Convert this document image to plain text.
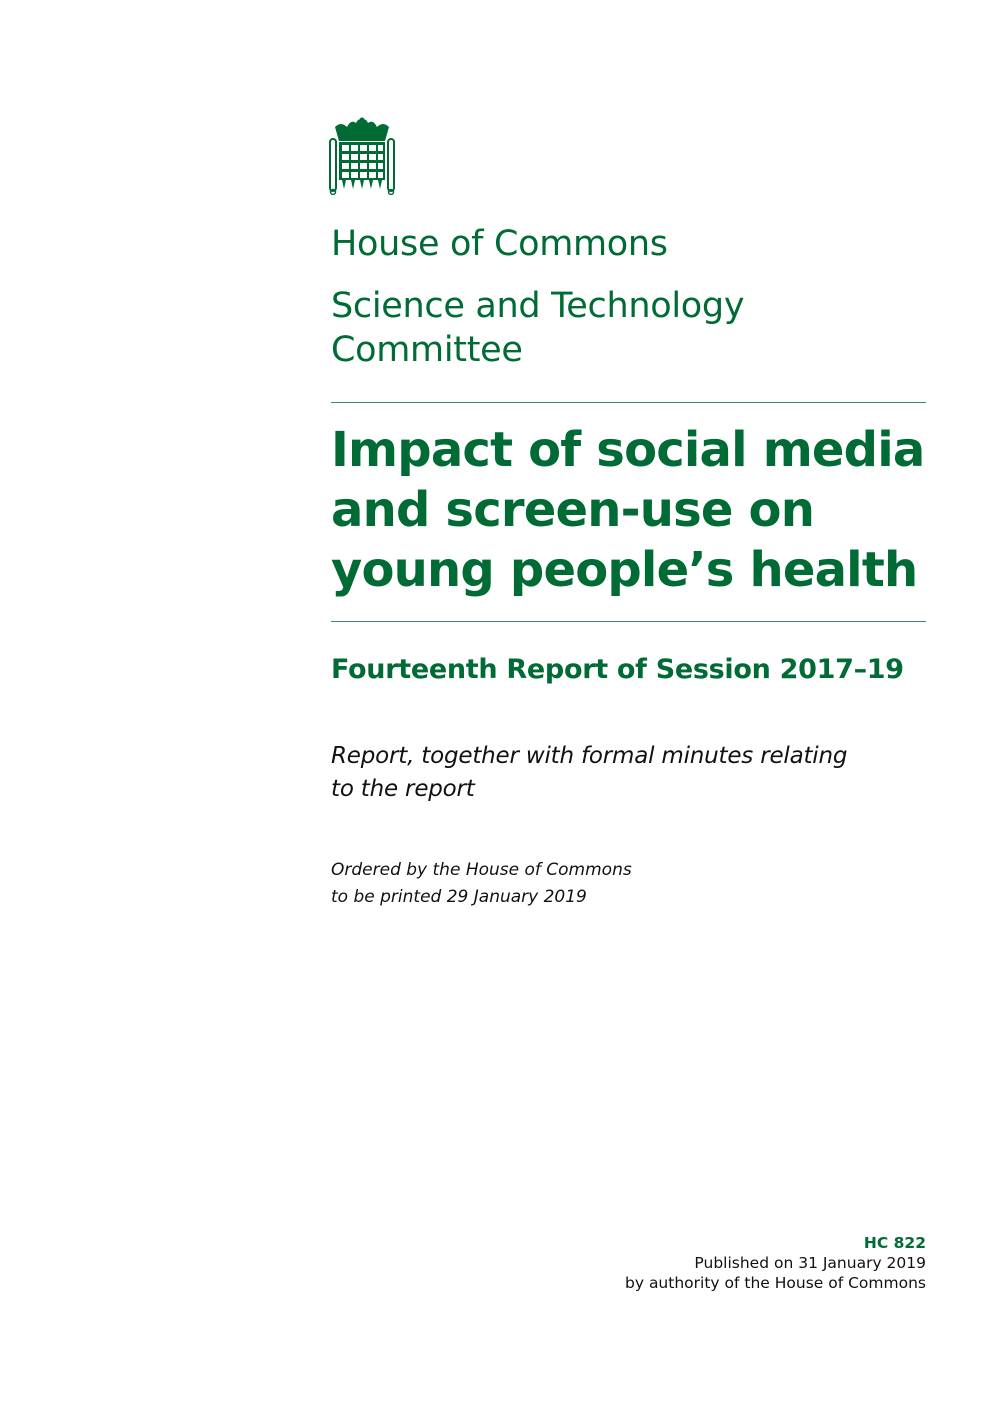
House of Commons
Science and Technology
Committee
Impact of social media
and screen-use on
young people’s health
Fourteenth Report of Session 2017–19

Report, together with formal minutes relating
to the report

Ordered by the House of Commons
to be printed 29 January 2019

HC 822
Published on 31 January 2019
by authority of the House of Commons
